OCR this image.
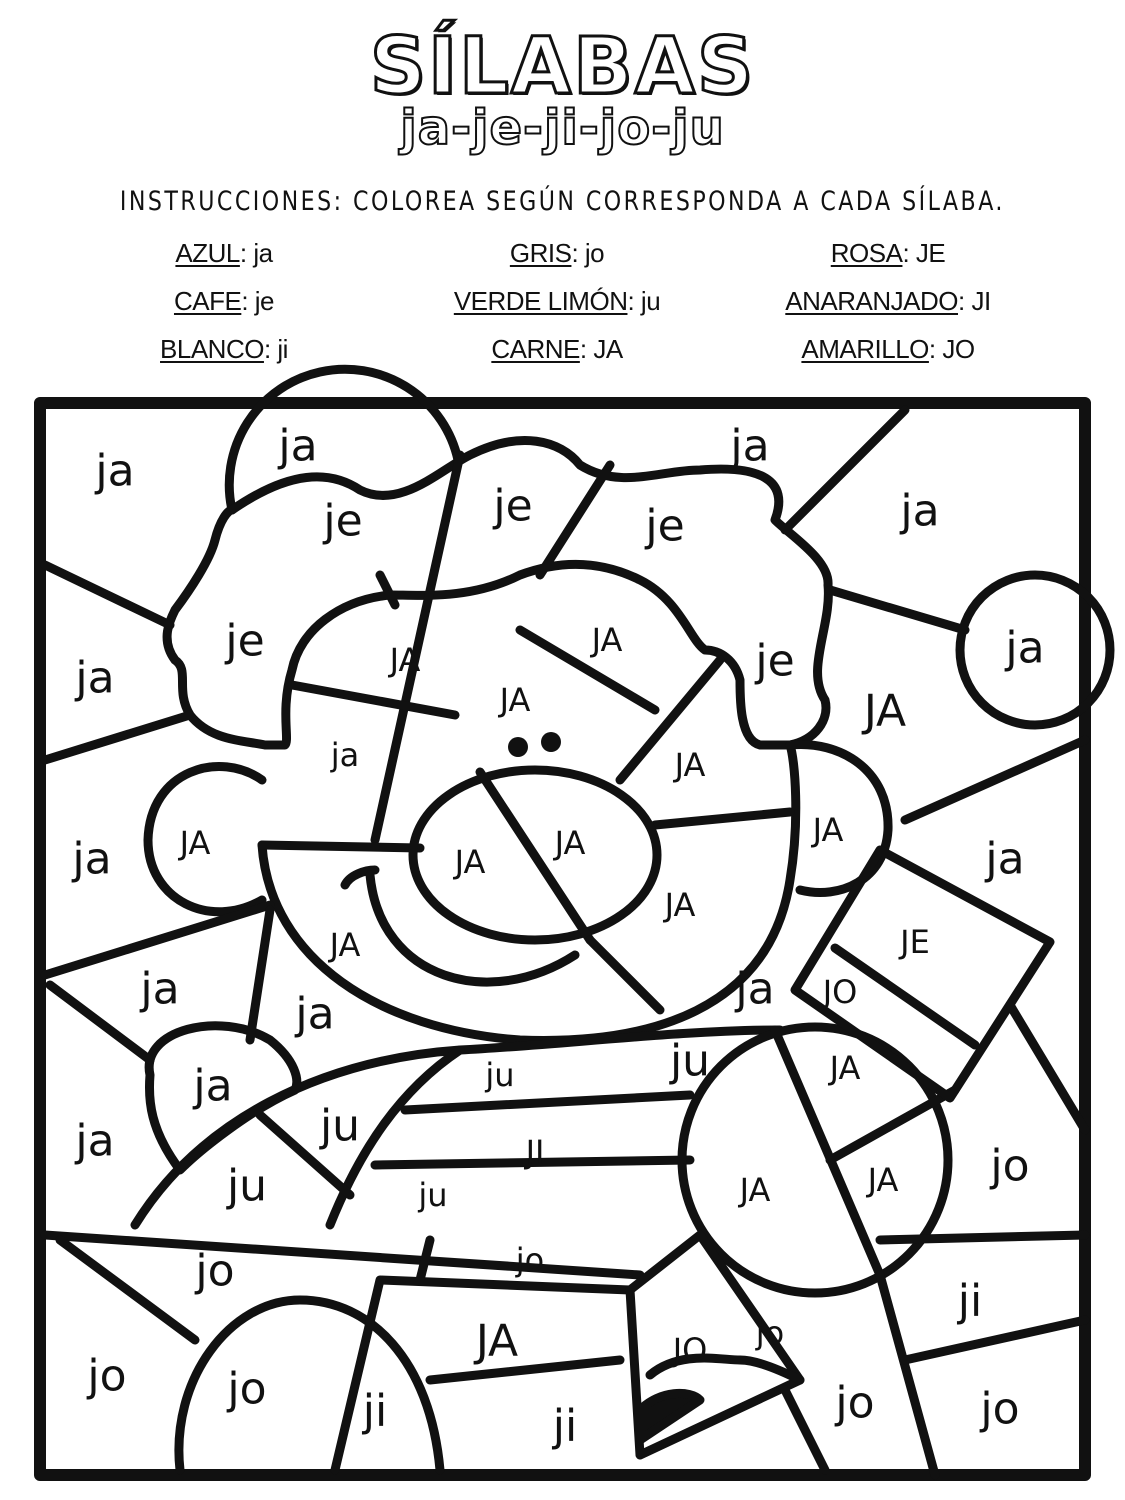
SÍLABAS
ja-je-ji-jo-ju
INSTRUCCIONES: COLOREA SEGÚN CORRESPONDA A CADA SÍLABA.
AZUL: ja	GRIS: jo	ROSA: JE
CAFE: je	VERDE LIMÓN: ju	ANARANJADO: JI
BLANCO: ji	CARNE: JA	AMARILLO: JO
ja	ja	ja
je	je	je	ja
je	JA
JA	je
ja
ja
JA	JA
ja	JA
JA	JA
JA
JA
ja	ja
JA
JA	JE
ja	ja	JO
ja
ju
ju	JA
ja
ju
JI
ja
ju	ju	JA	JA jo
jo	jo
ji
JA	JO jo
jo jo ji	ji	jo jo
